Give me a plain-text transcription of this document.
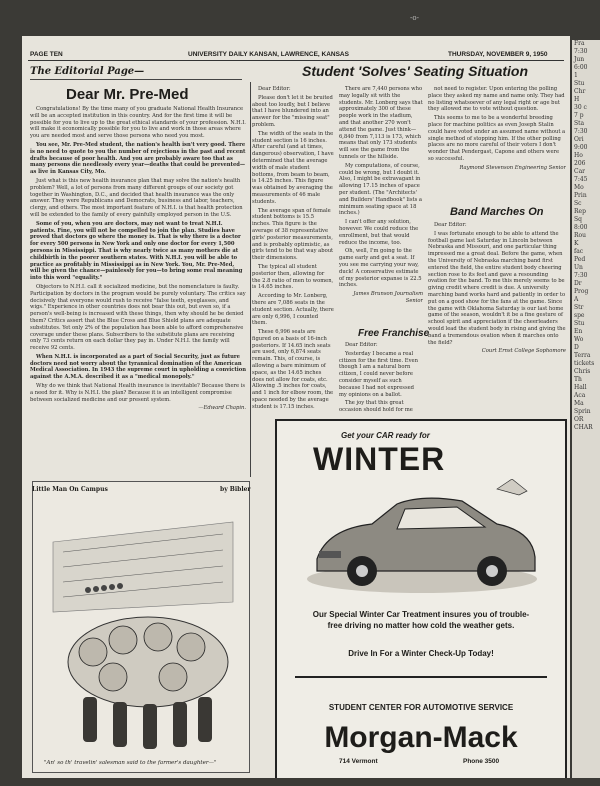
-o-
PAGE TEN	UNIVERSITY DAILY KANSAN, LAWRENCE, KANSAS	THURSDAY, NOVEMBER 9, 1950

The Editorial Page—
Dear Mr. Pre-Med

Congratulations! By the time many of you graduate National Health Insurance will be an accepted institution in this country. And for the first time it will be possible for you to live up to the great ethical standards of your profession. N.H.I. will make it economically possible for you to live and work in those areas where you are needed most and serve those persons who need you most.

You see, Mr. Pre-Med student, the nation's health isn't very good. There is no need to quote to you the number of rejections in the past and recent drafts because of poor health. And you are probably aware too that as many persons die needlessly every year—deaths that could be prevented—as live in Kansas City, Mo.

Just what is this new health insurance plan that may solve the nation's health problem? Well, a lot of persons from many different groups of our society got together in Washington, D.C., and decided that health insurance was the only answer. They were Republicans and Democrats, business and labor, teachers, clergy, and others. The most important feature of N.H.I. is that health protection will be extended to the family of every gainfully employed person in the U.S.

Some of you, when you are doctors, may not want to treat N.H.I. patients. Fine, you will not be compelled to join the plan. Studies have proved that doctors go where the money is. That is why there is a doctor for every 500 persons in New York and only one doctor for every 1,500 persons in Mississippi. That is why nearly twice as many mothers die at childbirth in the poorer southern states. With N.H.I. you will be able to practice as profitably in Mississippi as in New York. You, Mr. Pre-Med, will be given the chance—painlessly for you—to bring some real meaning into this word "equality."

Objectors to N.H.I. call it socialized medicine, but the nomenclature is faulty. Participation by doctors in the program would be purely voluntary. The critics say decisively that everyone would rush to receive "false teeth, eyeglasses, and wigs." Experience in other countries does not bear this out, but even so, if a person's well-being is increased with these things, then why should he be denied them? Critics assert that the Blue Cross and Blue Shield plans are adequate substitutes. Yet only 2% of the population has been able to afford comprehensive coverage under these plans. Subscribers to the substitute plans are receiving only 73 cents return on each dollar they pay in. Under N.H.I. the family will receive 92 cents.

When N.H.I. is incorporated as a part of Social Security, just as future doctors need not worry about the tyrannical domination of the American Medical Association. In 1943 the supreme court in upholding a conviction against the A.M.A. described it as a "medical monopoly."

Why do we think that National Health insurance is inevitable? Because there is a need for it. Why is N.H.I. the plan? Because it is an intelligent compromise between socialized medicine and our present system.

—Edward Chapin.
Student 'Solves' Seating Situation

Dear Editor:

Please don't let it be bruited about too loudly, but I believe that I have blundered into an answer for the "missing seat" problem.

The width of the seats in the student section is 16 inches. After careful (and at times, dangerous) observation, I have determined that the average width of male student bottoms, from beam to beam, is 14.25 inches. This figure was obtained by averaging the measurements of 46 male students.

The average span of female student bottoms is 15.5 inches. This figure is the average of 38 representative girls' posterior measurements, and is probably optimistic, as girls tend to be that way about their dimensions.

The typical all student posterior then, allowing for the 2.8 ratio of men to women, is 14.65 inches.

According to Mr. Lonberg, there are 7,086 seats in the student section. Actually, there are only 6,996, I counted them.

These 6,996 seats are figured on a basis of 16-inch posteriors. If 14.65 inch seats are used, only 6,874 seats remain. This, of course, is allowing a bare minimum of space, as the 14.65 inches does not allow for coats, etc. Allowing .5 inches for coats, and 1 inch for elbow room, the space needed by the average student is 17.15 inches.

There are 7,440 persons who may legally sit with the students. Mr. Lonberg says that approximately 300 of these people work in the stadium, and that another 270 won't attend the game. Just think—6,840 from 7,113 is 173, which means that only 173 students will see the game from the tunnels or the hillside.

My computations, of course, could be wrong, but I doubt it. Also, I might be extravagant in allowing 17.15 inches of space per student. (The "Architects' and Builders' Handbook" lists a minimum seating space at 18 inches.)

I can't offer any solution, however. We could reduce the enrollment, but that would reduce the income, too.

Oh, well, I'm going to the game early and get a seat. If you see me carrying your way, duck! A conservative estimate of my posterior expanse is 22.5 inches.

James Brunson Journalism Senior

Free Franchise

Dear Editor:

Yesterday I became a real citizen for the first time. Even though I am a natural born citizen, I could never before consider myself as such because I had not expressed my opinions on a ballot.

The joy that this great occasion should hold for me

not need to register. Upon entering the polling place they asked my name and name only. They had no listing whatsoever of any legal right or age but they allowed me to vote without question.

This seems to me to be a wonderful breeding place for machine politics as even Joseph Stalin could have voted under an assumed name without a single method of stopping him. If the other polling places are no more careful of their voters I don't wonder that Pendergast, Capone and others were so successful.

Raymond Stevenson Engineering Senior

Band Marches On

Dear Editor:

I was fortunate enough to be able to attend the football game last Saturday in Lincoln between Nebraska and Missouri, and one particular thing impressed me a great deal. Before the game, when the University of Nebraska marching band first entered the field, the entire student body cheering section rose to its feet and gave a resounding ovation for the band. To me this merely seems to be giving credit where credit is due. A university marching band works hard and patiently in order to put on a good show for the fans at the game. Since the game with Oklahoma Saturday is our last home game of the season, wouldn't it be a fine gesture of school spirit and appreciation if the cheerleaders would lead the student body in rising and giving the band a tremendous ovation when it marches onto the field?

Court Ernst College Sophomore

Little Man On Campus	by Bibler
"An' so th' travelin' salesman said to the farmer's daughter—"
Get your CAR ready for
WINTER
Our Special Winter Car Treatment insures you of trouble-free driving no matter how cold the weather gets.
Drive In For a Winter Check-Up Today!
STUDENT CENTER FOR AUTOMOTIVE SERVICE
Morgan-Mack
714 Vermont	Phone 3500
Fra
7:30
Jun
6:00
1
Stu
Chr
H
30 c
7 p
Sta
7:30
Ori
9:00
Ho
206
Car
7:45
Mo
Prin
Sc
Rep
Sq
8:00
Rou
K
fac
Ped
Un
7:30
Dr
Prog
A
Str
spe
Stu
En
Wo
D
Terra
tickets
Chris
Th
Hall
Aca
Ma
Sprin
OR
CHAR
